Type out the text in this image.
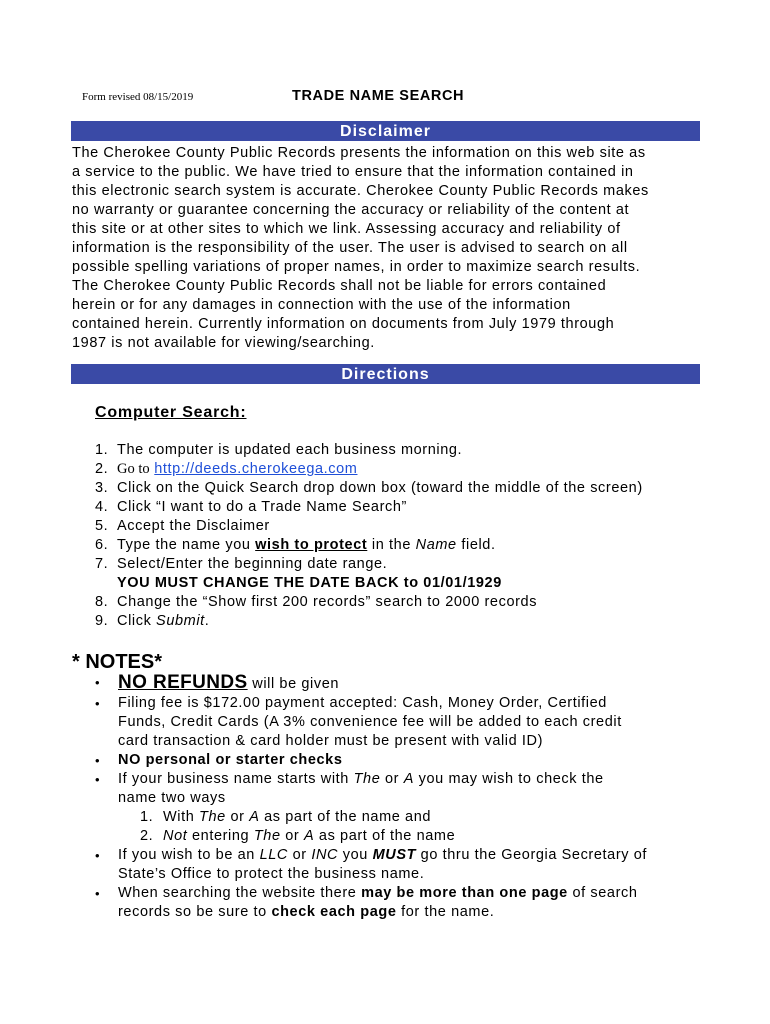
Form revised 08/15/2019	TRADE NAME SEARCH
Disclaimer
The Cherokee County Public Records presents the information on this web site as
a service to the public. We have tried to ensure that the information contained in
this electronic search system is accurate. Cherokee County Public Records makes
no warranty or guarantee concerning the accuracy or reliability of the content at
this site or at other sites to which we link. Assessing accuracy and reliability of
information is the responsibility of the user. The user is advised to search on all
possible spelling variations of proper names, in order to maximize search results.
The Cherokee County Public Records shall not be liable for errors contained
herein or for any damages in connection with the use of the information
contained herein. Currently information on documents from July 1979 through
1987 is not available for viewing/searching.
Directions
Computer Search:
1. The computer is updated each business morning.
2. Go to
http://deeds.cherokeega.com
3. Click on the Quick Search drop down box (toward the middle of the screen)
4. Click “I want to do a Trade Name Search”
5. Accept the Disclaimer
6. Type the name you wish to protect in the Name field.
7. Select/Enter the beginning date range.
YOU MUST CHANGE THE DATE BACK to 01/01/1929
8. Change the “Show first 200 records” search to 2000 records
9. Click Submit.
* NOTES*
• NO REFUNDS will be given
•	Filing fee is $172.00 payment accepted: Cash, Money Order, Certified
Funds, Credit Cards (A 3% convenience fee will be added to each credit
card transaction & card holder must be present with valid ID)
•	NO personal or starter checks
•	If your business name starts with The or A you may wish to check the
name two ways
1. With The or A as part of the name and
2. Not entering The or A as part of the name
•	If you wish to be an LLC or INC you MUST go thru the Georgia Secretary of
State’s Office to protect the business name.
•	When searching the website there may be more than one page of search
records so be sure to check each page for the name.
